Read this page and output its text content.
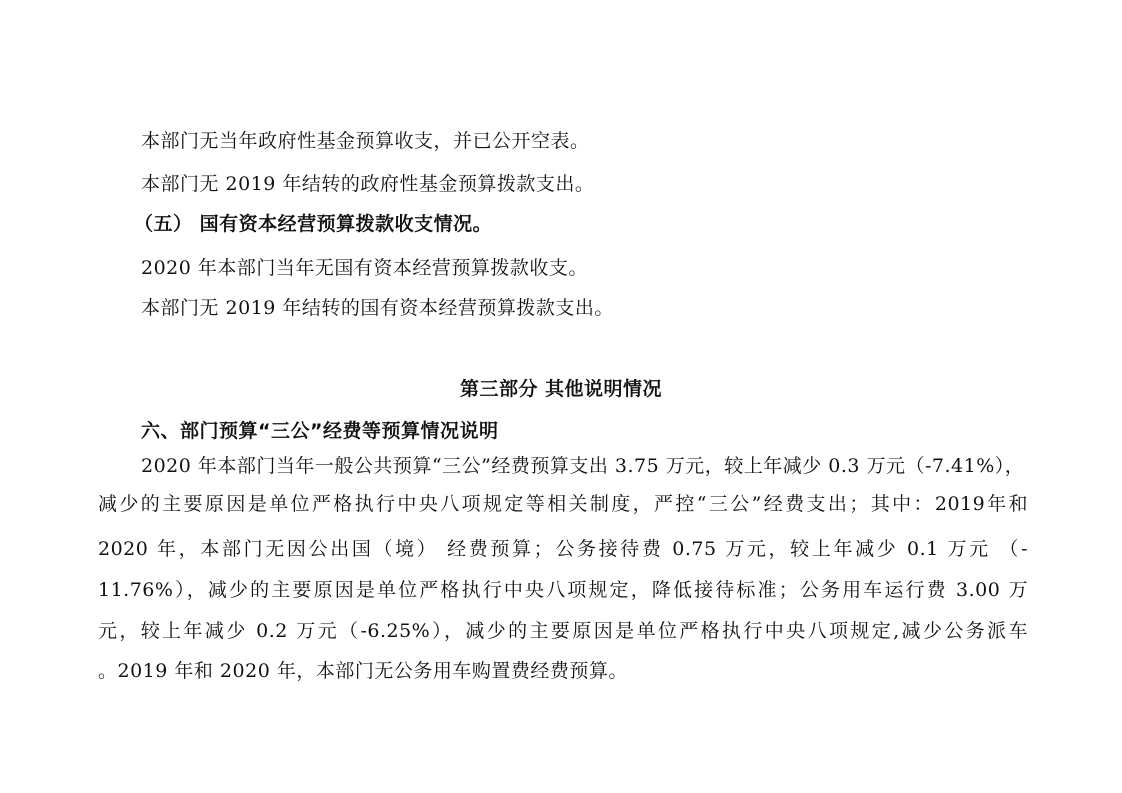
本部门无当年政府性基金预算收支，并已公开空表。
本部门无 2019 年结转的政府性基金预算拨款支出。
（五） 国有资本经营预算拨款收支情况。
2020 年本部门当年无国有资本经营预算拨款收支。
本部门无 2019 年结转的国有资本经营预算拨款支出。
第三部分 其他说明情况
六、部门预算“三公”经费等预算情况说明
2020 年本部门当年一般公共预算“三公”经费预算支出 3.75 万元，较上年减少 0.3 万元（-7.41%），
减少的主要原因是单位严格执行中央八项规定等相关制度，严控“三公”经费支出；其中：2019年和
2020 年，本部门无因公出国（境） 经费预算；公务接待费 0.75 万元，较上年减少 0.1 万元 （-
11.76%），减少的主要原因是单位严格执行中央八项规定，降低接待标准；公务用车运行费 3.00 万
元，较上年减少 0.2 万元（-6.25%），减少的主要原因是单位严格执行中央八项规定,减少公务派车
。2019 年和 2020 年，本部门无公务用车购置费经费预算。
